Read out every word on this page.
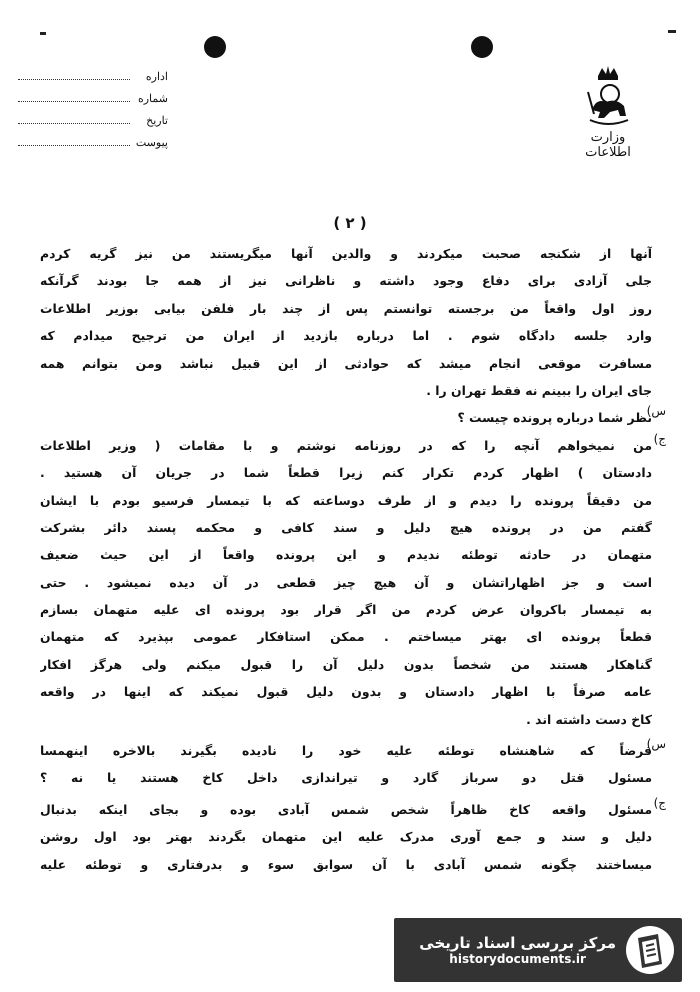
وزارت اطلاعات
اداره
شماره
تاریخ
پیوست
( ۲ )
آنها از شکنجه صحبت میکردند و والدین آنها میگریستند من نیز گریه کردم
جلی آزادی برای دفاع وجود داشته و ناظرانی نیز از همه جا بودند گرآنکه
روز اول واقعاً من برجسته توانستم پس از چند بار فلفن بیابی بوزیر اطلاعات
وارد جلسه دادگاه شوم . اما درباره بازدید از ایران من ترجیح میدادم که
مسافرت موقعی انجام میشد که حوادثی از این قبیل نباشد ومن بتوانم همه
جای ایران را ببینم نه فقط تهران را .
س)
نظر شما درباره پرونده چیست ؟
ج)
من نمیخواهم آنچه را که در روزنامه نوشتم و با مقامات ( وزیر اطلاعات
دادستان ) اظهار کردم تکرار کنم زیرا قطعاً شما در جریان آن هستید .
من دقیقاً پرونده را دیدم و از طرف دوساعته که با تیمسار فرسیو بودم با ایشان
گفتم من در پرونده هیچ دلیل و سند کافی و محکمه پسند دائر بشرکت
متهمان در حادثه توطئه ندیدم و این پرونده واقعاً از این حیث ضعیف
است و جز اظهاراتشان و آن هیچ چیز قطعی در آن دیده نمیشود . حتی
به تیمسار باکروان عرض کردم من اگر قرار بود پرونده ای علیه متهمان بسازم
قطعاً پرونده ای بهتر میساختم . ممکن استافکار عمومی بپذیرد که متهمان
گناهکار هستند من شخصاً بدون دلیل آن را قبول میکنم ولی هرگز افکار
عامه صرفاً با اظهار دادستان و بدون دلیل قبول نمیکند که اینها در واقعه
کاخ دست داشته اند .
س)
فرضاً که شاهنشاه توطئه علیه خود را نادیده بگیرند بالاخره اینهمسا
مسئول قتل دو سرباز گارد و تیراندازی داخل کاخ هستند یا نه ؟
ج)
مسئول واقعه کاخ ظاهراً شخص شمس آبادی بوده و بجای اینکه بدنبال
دلیل و سند و جمع آوری مدرک علیه این متهمان بگردند بهتر بود اول روشن
میساختند چگونه شمس آبادی با آن سوابق سوء و بدرفتاری و توطئه علیه
مرکز بررسی اسناد تاریخی
historydocuments.ir
